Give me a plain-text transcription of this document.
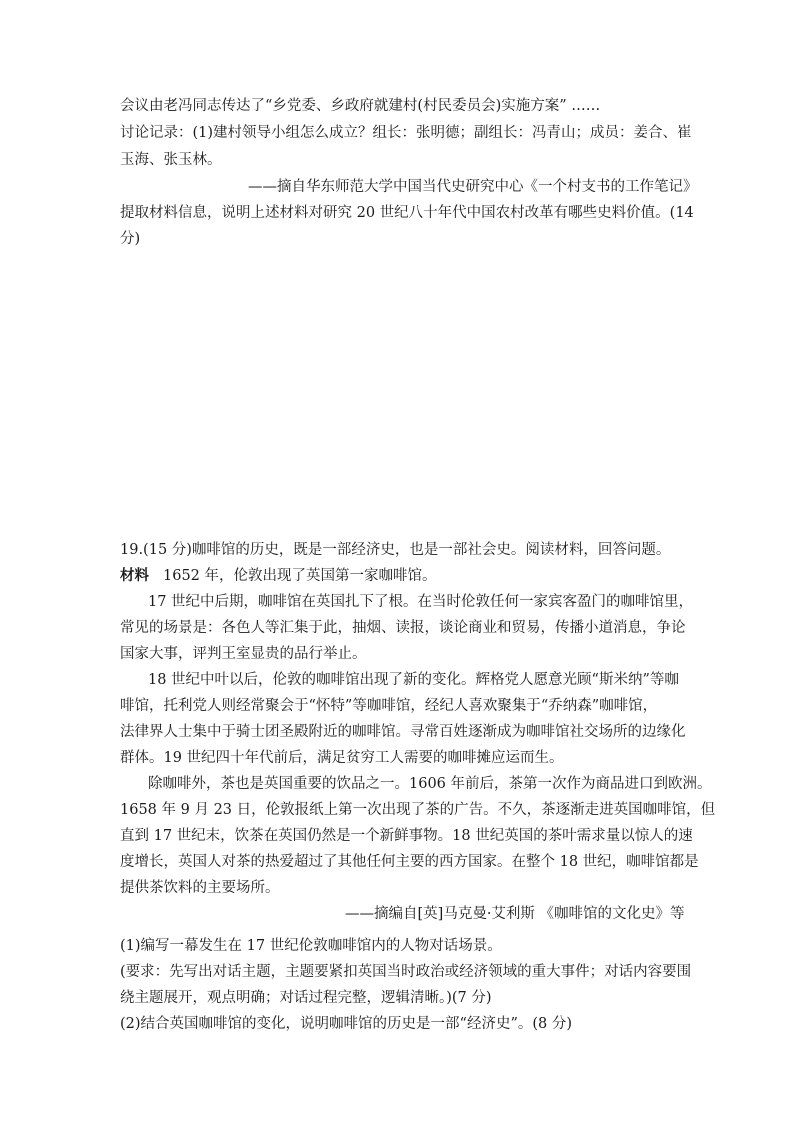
会议由老冯同志传达了“乡党委、乡政府就建村(村民委员会)实施方案” ……
讨论记录：(1)建村领导小组怎么成立？组长：张明德；副组长：冯青山；成员：姜合、崔
玉海、张玉林。
——摘自华东师范大学中国当代史研究中心《一个村支书的工作笔记》
提取材料信息，说明上述材料对研究 20 世纪八十年代中国农村改革有哪些史料价值。(14
分)
19.(15 分)咖啡馆的历史，既是一部经济史，也是一部社会史。阅读材料，回答问题。
材料 1652 年，伦敦出现了英国第一家咖啡馆。
17 世纪中后期，咖啡馆在英国扎下了根。在当时伦敦任何一家宾客盈门的咖啡馆里，
常见的场景是：各色人等汇集于此，抽烟、读报，谈论商业和贸易，传播小道消息，争论
国家大事，评判王室显贵的品行举止。
18 世纪中叶以后，伦敦的咖啡馆出现了新的变化。辉格党人愿意光顾“斯米纳”等咖
啡馆，托利党人则经常聚会于“怀特”等咖啡馆，经纪人喜欢聚集于“乔纳森”咖啡馆，
法律界人士集中于骑士团圣殿附近的咖啡馆。寻常百姓逐渐成为咖啡馆社交场所的边缘化
群体。19 世纪四十年代前后，满足贫穷工人需要的咖啡摊应运而生。
除咖啡外，茶也是英国重要的饮品之一。1606 年前后，茶第一次作为商品进口到欧洲。
1658 年 9 月 23 日，伦敦报纸上第一次出现了茶的广告。不久，茶逐渐走进英国咖啡馆，但
直到 17 世纪末，饮茶在英国仍然是一个新鲜事物。18 世纪英国的茶叶需求量以惊人的速
度增长，英国人对茶的热爱超过了其他任何主要的西方国家。在整个 18 世纪，咖啡馆都是
提供茶饮料的主要场所。
——摘编自[英]马克曼·艾利斯 《咖啡馆的文化史》等
(1)编写一幕发生在 17 世纪伦敦咖啡馆内的人物对话场景。
(要求：先写出对话主题，主题要紧扣英国当时政治或经济领域的重大事件；对话内容要围
绕主题展开，观点明确；对话过程完整，逻辑清晰。)(7 分)
(2)结合英国咖啡馆的变化，说明咖啡馆的历史是一部“经济史”。(8 分)
